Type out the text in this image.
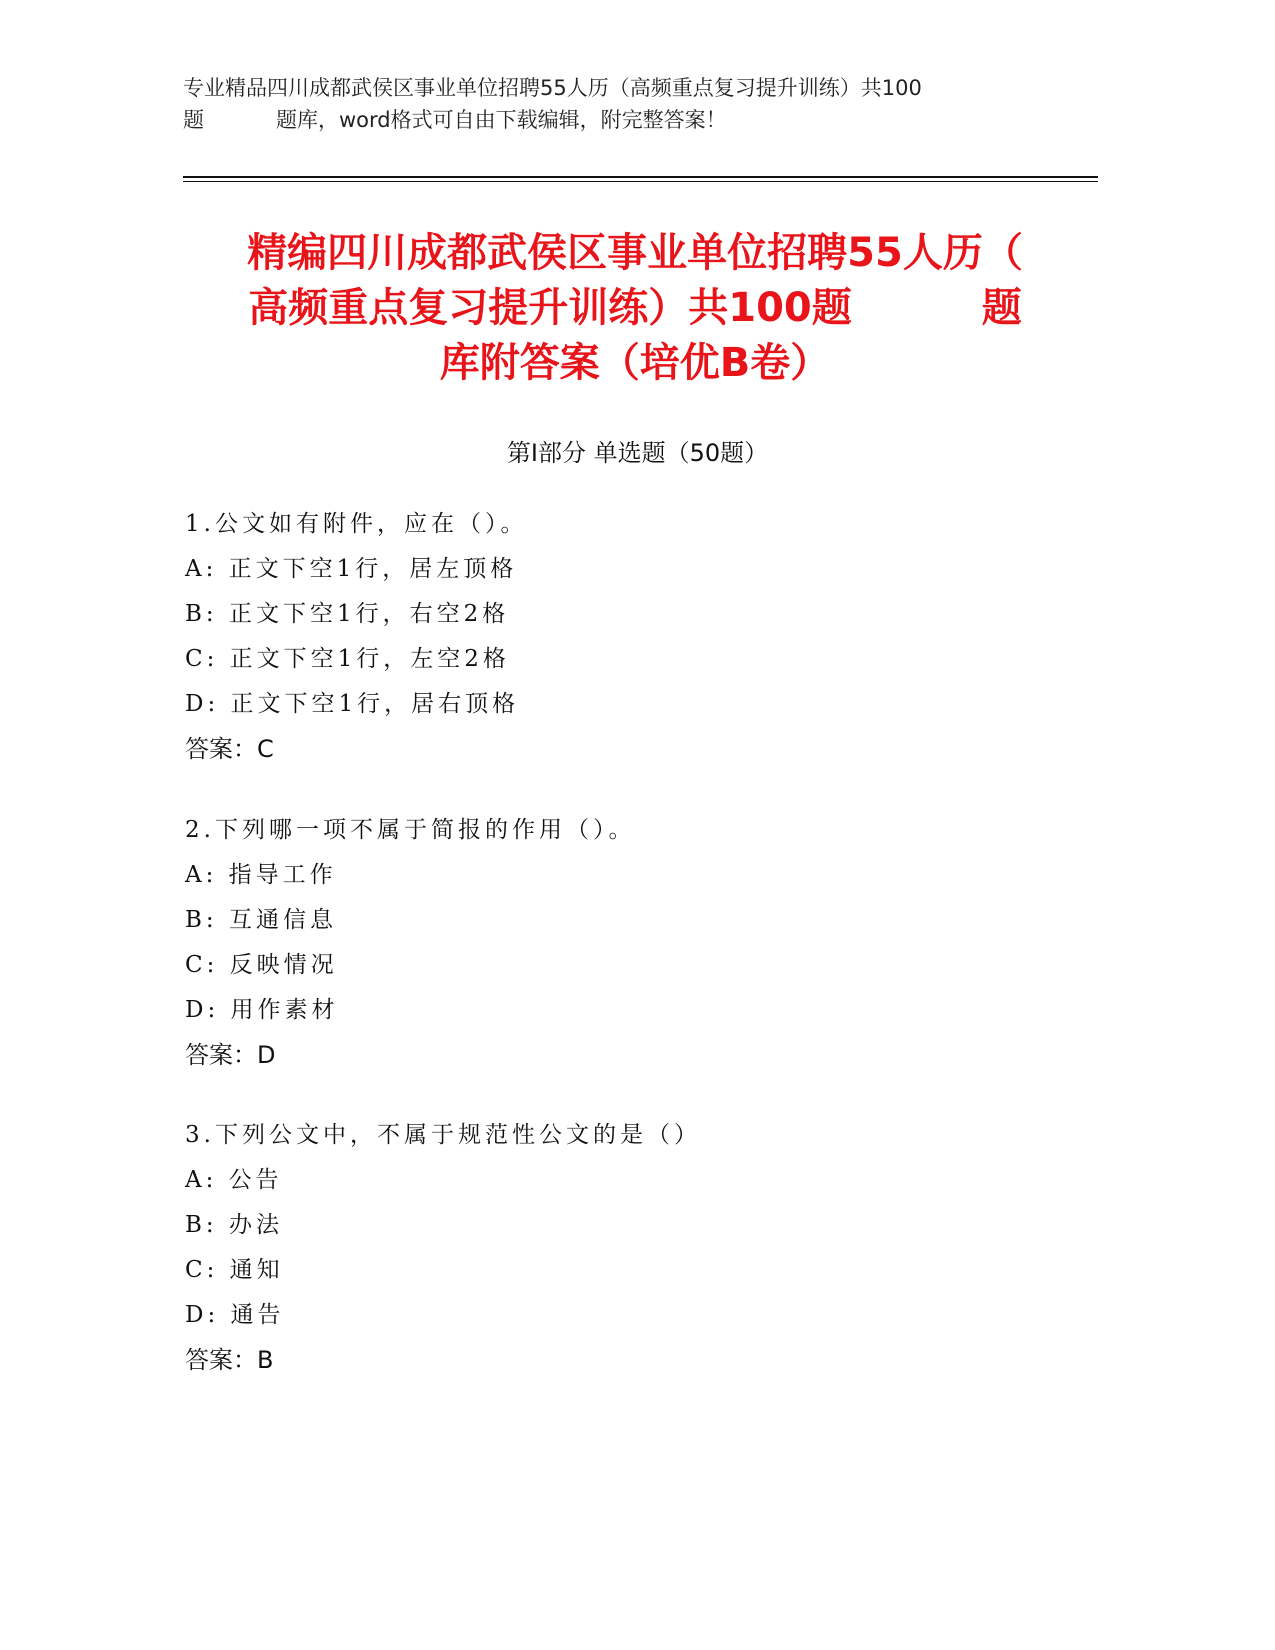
专业精品四川成都武侯区事业单位招聘55人历（高频重点复习提升训练）共100
题	题库，word格式可自由下载编辑，附完整答案！
精编四川成都武侯区事业单位招聘55人历（
高频重点复习提升训练）共100题	题
库附答案（培优B卷）
第Ⅰ部分 单选题（50题）
1.公文如有附件，应在（）。
A: 正文下空1行，居左顶格
B: 正文下空1行，右空2格
C: 正文下空1行，左空2格
D: 正文下空1行，居右顶格
答案：C
2.下列哪一项不属于简报的作用（）。
A: 指导工作
B: 互通信息
C: 反映情况
D: 用作素材
答案：D
3.下列公文中，不属于规范性公文的是（）
A: 公告
B: 办法
C: 通知
D: 通告
答案：B
